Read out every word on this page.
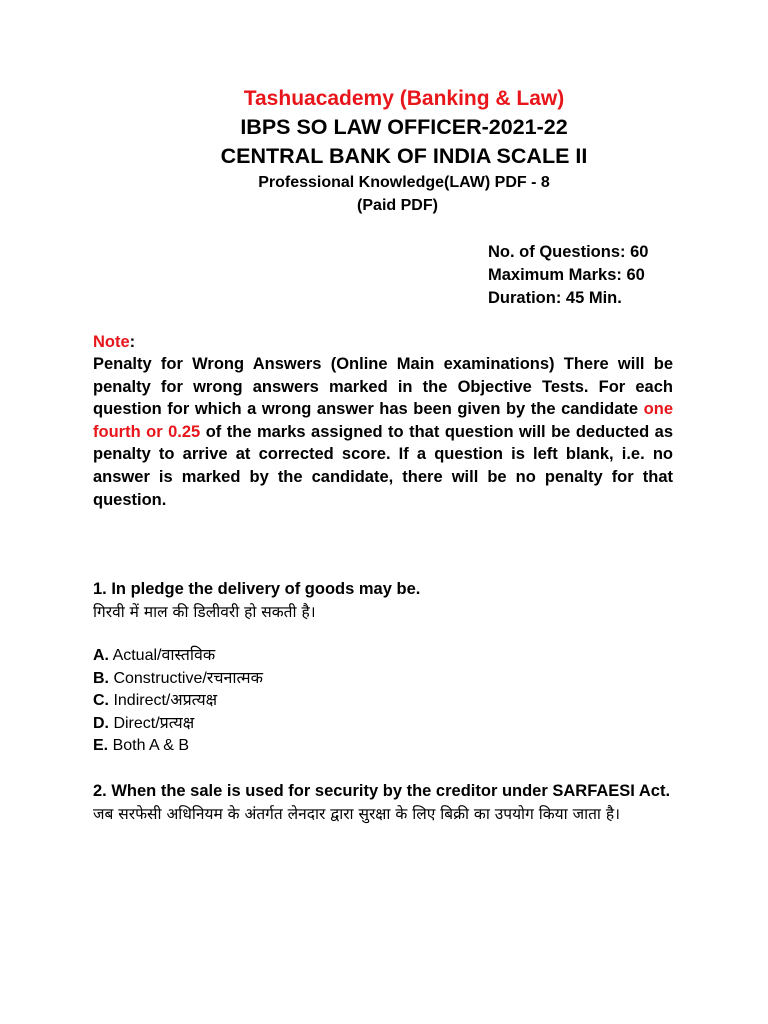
Tashuacademy (Banking & Law)
IBPS SO LAW OFFICER-2021-22
CENTRAL BANK OF INDIA SCALE II
Professional Knowledge(LAW) PDF - 8
(Paid PDF)
No. of Questions: 60
Maximum Marks: 60
Duration: 45 Min.
Note:
Penalty for Wrong Answers (Online Main examinations) There will be penalty for wrong answers marked in the Objective Tests. For each question for which a wrong answer has been given by the candidate one fourth or 0.25 of the marks assigned to that question will be deducted as penalty to arrive at corrected score. If a question is left blank, i.e. no answer is marked by the candidate, there will be no penalty for that question.
1. In pledge the delivery of goods may be.
गिरवी में माल की डिलीवरी हो सकती है।
A. Actual/वास्तविक
B. Constructive/रचनात्मक
C. Indirect/अप्रत्यक्ष
D. Direct/प्रत्यक्ष
E. Both A & B
2. When the sale is used for security by the creditor under SARFAESI Act.
जब सरफेसी अधिनियम के अंतर्गत लेनदार द्वारा सुरक्षा के लिए बिक्री का उपयोग किया जाता है।
